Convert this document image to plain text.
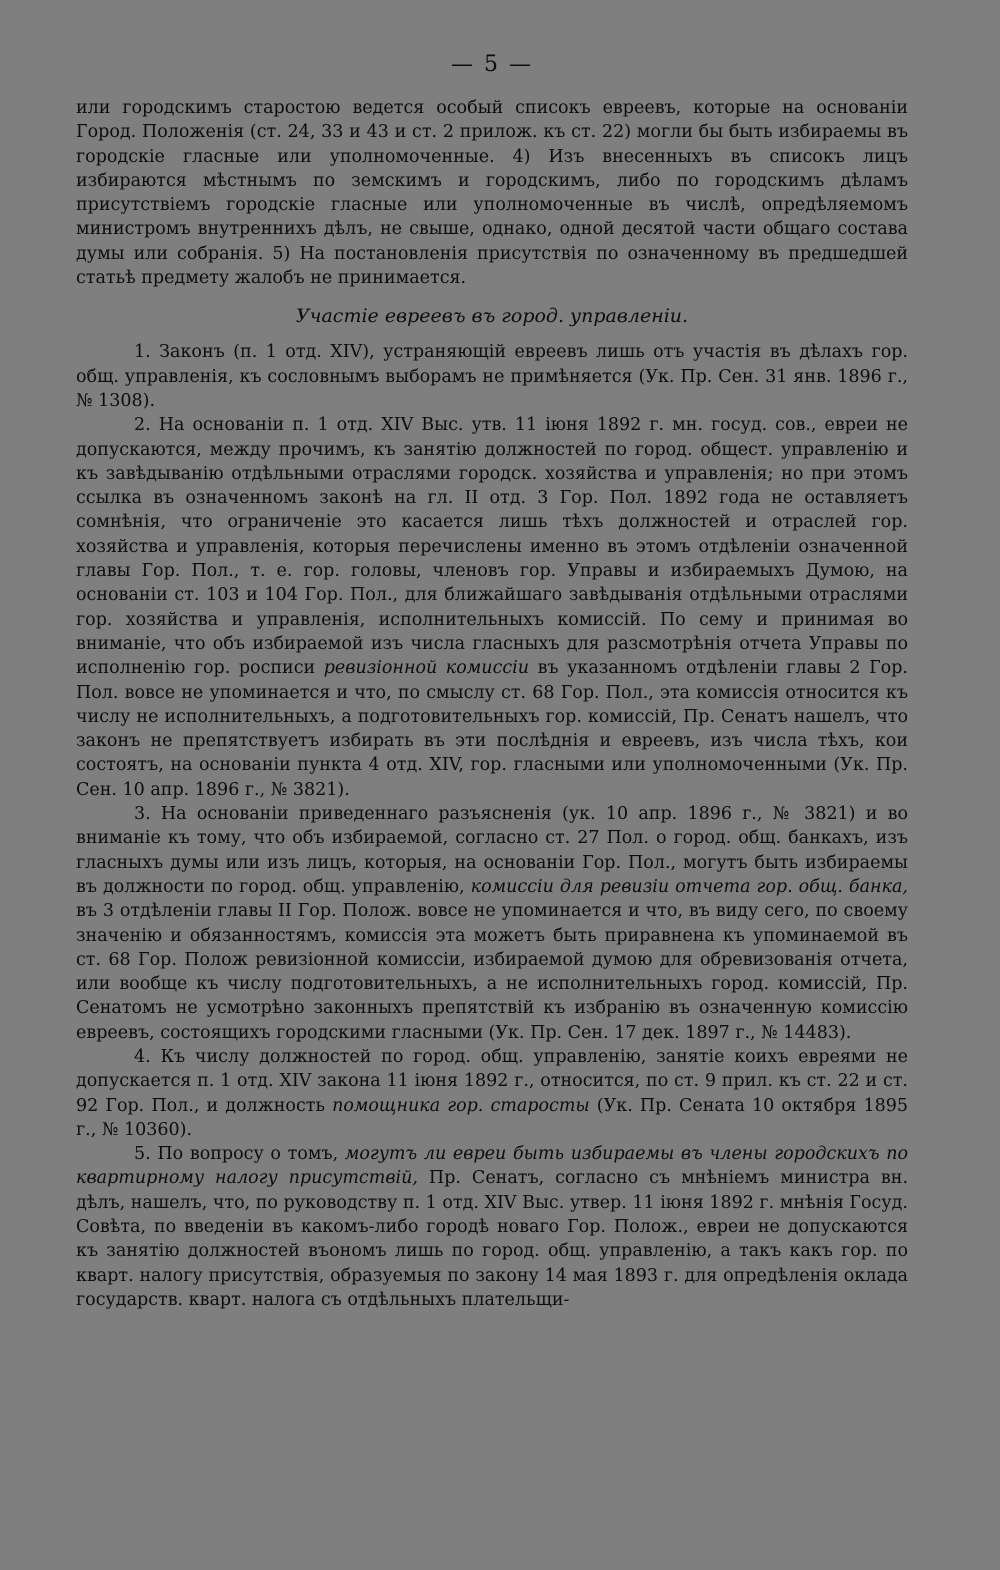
— 5 —

или городскимъ старостою ведется особый списокъ евреевъ, которые на основанiи Город. Положенiя (ст. 24, 33 и 43 и ст. 2 прилож. къ ст. 22) могли бы быть избираемы въ городскiе гласные или уполномоченные. 4) Изъ внесенныхъ въ списокъ лицъ избираются мѣстнымъ по земскимъ и городскимъ, либо по городскимъ дѣламъ присутствiемъ городскiе гласные или уполномоченные въ числѣ, опредѣляемомъ министромъ внутреннихъ дѣлъ, не свыше, однако, одной десятой части общаго состава думы или собранiя. 5) На постановленiя присутствiя по означенному въ предшедшей статьѣ предмету жалобъ не принимается.

Участiе евреевъ въ город. управленiи.

1. Законъ (п. 1 отд. XIV), устраняющiй евреевъ лишь отъ участiя въ дѣлахъ гор. общ. управленiя, къ сословнымъ выборамъ не примѣняется (Ук. Пр. Сен. 31 янв. 1896 г., № 1308).

2. На основанiи п. 1 отд. XIV Выс. утв. 11 iюня 1892 г. мн. госуд. сов., евреи не допускаются, между прочимъ, къ занятiю должностей по город. общест. управленiю и къ завѣдыванiю отдѣльными отраслями городск. хозяйства и управленiя; но при этомъ ссылка въ означенномъ законѣ на гл. II отд. 3 Гор. Пол. 1892 года не оставляетъ сомнѣнiя, что ограниченiе это касается лишь тѣхъ должностей и отраслей гор. хозяйства и управленiя, которыя перечислены именно въ этомъ отдѣленiи означенной главы Гор. Пол., т. е. гор. головы, членовъ гор. Управы и избираемыхъ Думою, на основанiи ст. 103 и 104 Гор. Пол., для ближайшаго завѣдыванiя отдѣльными отраслями гор. хозяйства и управленiя, исполнительныхъ комиссiй. По сему и принимая во вниманiе, что объ избираемой изъ числа гласныхъ для разсмотрѣнiя отчета Управы по исполненiю гор. росписи ревизiонной комиссiи въ указанномъ отдѣленiи главы 2 Гор. Пол. вовсе не упоминается и что, по смыслу ст. 68 Гор. Пол., эта комиссiя относится къ числу не исполнительныхъ, а подготовительныхъ гор. комиссiй, Пр. Сенатъ нашелъ, что законъ не препятствуетъ избирать въ эти послѣднiя и евреевъ, изъ числа тѣхъ, кои состоятъ, на основанiи пункта 4 отд. XIV, гор. гласными или уполномоченными (Ук. Пр. Сен. 10 апр. 1896 г., № 3821).

3. На основанiи приведеннаго разъясненiя (ук. 10 апр. 1896 г., № 3821) и во вниманiе къ тому, что объ избираемой, согласно ст. 27 Пол. о город. общ. банкахъ, изъ гласныхъ думы или изъ лицъ, которыя, на основанiи Гор. Пол., могутъ быть избираемы въ должности по город. общ. управленiю, комиссiи для ревизiи отчета гор. общ. банка, въ 3 отдѣленiи главы II Гор. Полож. вовсе не упоминается и что, въ виду сего, по своему значенiю и обязанностямъ, комиссiя эта можетъ быть приравнена къ упоминаемой въ ст. 68 Гор. Полож ревизiонной комиссiи, избираемой думою для обревизованiя отчета, или вообще къ числу подготовительныхъ, а не исполнительныхъ город. комиссiй, Пр. Сенатомъ не усмотрѣно законныхъ препятствiй къ избранiю въ означенную комиссiю евреевъ, состоящихъ городскими гласными (Ук. Пр. Сен. 17 дек. 1897 г., № 14483).

4. Къ числу должностей по город. общ. управленiю, занятiе коихъ евреями не допускается п. 1 отд. XIV закона 11 iюня 1892 г., относится, по ст. 9 прил. къ ст. 22 и ст. 92 Гор. Пол., и должность помощника гор. старосты (Ук. Пр. Сената 10 октября 1895 г., № 10360).

5. По вопросу о томъ, могутъ ли евреи быть избираемы въ члены городскихъ по квартирному налогу присутствiй, Пр. Сенатъ, согласно съ мнѣнiемъ министра вн. дѣлъ, нашелъ, что, по руководству п. 1 отд. XIV Выс. утвер. 11 iюня 1892 г. мнѣнiя Госуд. Совѣта, по введенiи въ какомъ-либо городѣ новаго Гор. Полож., евреи не допускаются къ занятiю должностей въономъ лишь по город. общ. управленiю, а такъ какъ гор. по кварт. налогу присутствiя, образуемыя по закону 14 мая 1893 г. для опредѣленiя оклада государств. кварт. налога съ отдѣльныхъ плательщи-
